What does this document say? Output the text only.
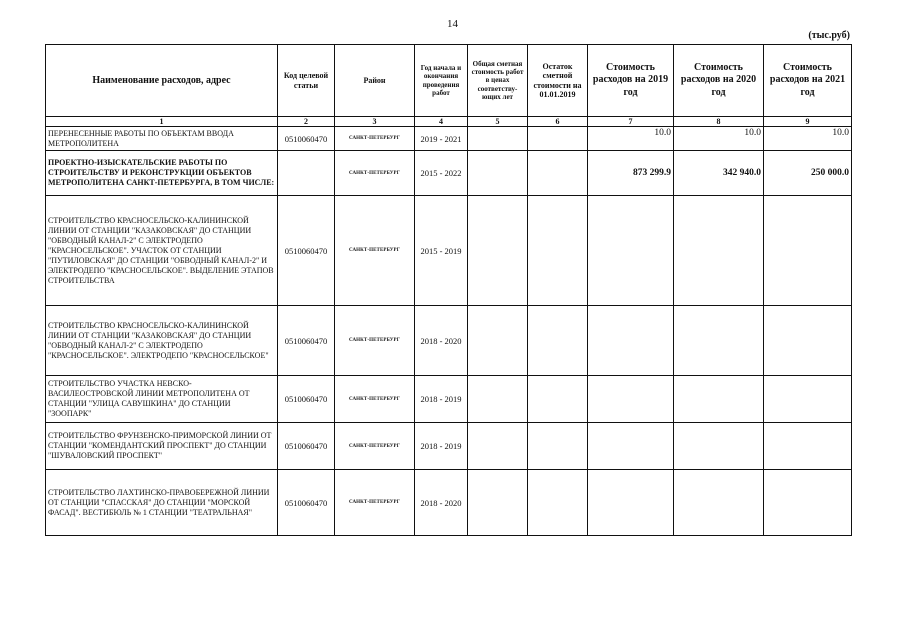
14
(тыс.руб)
Наименование расходов, адрес	Код целевой статьи	Район	Год начала и окончания проведения работ	Общая сметная стоимость работ в ценах соответству-ющих лет	Остаток сметной стоимости на 01.01.2019	Стоимость расходов на 2019 год	Стоимость расходов на 2020 год	Стоимость расходов на 2021 год
1	2	3	4	5	6	7	8	9
ПЕРЕНЕСЕННЫЕ РАБОТЫ ПО ОБЪЕКТАМ ВВОДА МЕТРОПОЛИТЕНА	0510060470	САНКТ-ПЕТЕРБУРГ	2019 - 2021			10.0	10.0	10.0
ПРОЕКТНО-ИЗЫСКАТЕЛЬСКИЕ РАБОТЫ ПО СТРОИТЕЛЬСТВУ И РЕКОНСТРУКЦИИ ОБЪЕКТОВ МЕТРОПОЛИТЕНА САНКТ-ПЕТЕРБУРГА, В ТОМ ЧИСЛЕ:		САНКТ-ПЕТЕРБУРГ	2015 - 2022			873 299.9	342 940.0	250 000.0
СТРОИТЕЛЬСТВО КРАСНОСЕЛЬСКО-КАЛИНИНСКОЙ ЛИНИИ ОТ СТАНЦИИ "КАЗАКОВСКАЯ" ДО СТАНЦИИ "ОБВОДНЫЙ КАНАЛ-2" С ЭЛЕКТРОДЕПО "КРАСНОСЕЛЬСКОЕ". УЧАСТОК ОТ СТАНЦИИ "ПУТИЛОВСКАЯ" ДО СТАНЦИИ "ОБВОДНЫЙ КАНАЛ-2" И ЭЛЕКТРОДЕПО "КРАСНОСЕЛЬСКОЕ". ВЫДЕЛЕНИЕ ЭТАПОВ СТРОИТЕЛЬСТВА	0510060470	САНКТ-ПЕТЕРБУРГ	2015 - 2019					
СТРОИТЕЛЬСТВО КРАСНОСЕЛЬСКО-КАЛИНИНСКОЙ ЛИНИИ ОТ СТАНЦИИ "КАЗАКОВСКАЯ" ДО СТАНЦИИ "ОБВОДНЫЙ КАНАЛ-2" С ЭЛЕКТРОДЕПО "КРАСНОСЕЛЬСКОЕ". ЭЛЕКТРОДЕПО "КРАСНОСЕЛЬСКОЕ"	0510060470	САНКТ-ПЕТЕРБУРГ	2018 - 2020					
СТРОИТЕЛЬСТВО УЧАСТКА НЕВСКО-ВАСИЛЕОСТРОВСКОЙ ЛИНИИ МЕТРОПОЛИТЕНА ОТ СТАНЦИИ "УЛИЦА САВУШКИНА" ДО СТАНЦИИ "ЗООПАРК"	0510060470	САНКТ-ПЕТЕРБУРГ	2018 - 2019					
СТРОИТЕЛЬСТВО ФРУНЗЕНСКО-ПРИМОРСКОЙ ЛИНИИ ОТ СТАНЦИИ "КОМЕНДАНТСКИЙ ПРОСПЕКТ" ДО СТАНЦИИ "ШУВАЛОВСКИЙ ПРОСПЕКТ"	0510060470	САНКТ-ПЕТЕРБУРГ	2018 - 2019					
СТРОИТЕЛЬСТВО ЛАХТИНСКО-ПРАВОБЕРЕЖНОЙ ЛИНИИ ОТ СТАНЦИИ "СПАССКАЯ" ДО СТАНЦИИ "МОРСКОЙ ФАСАД". ВЕСТИБЮЛЬ № 1 СТАНЦИИ "ТЕАТРАЛЬНАЯ"	0510060470	САНКТ-ПЕТЕРБУРГ	2018 - 2020					
